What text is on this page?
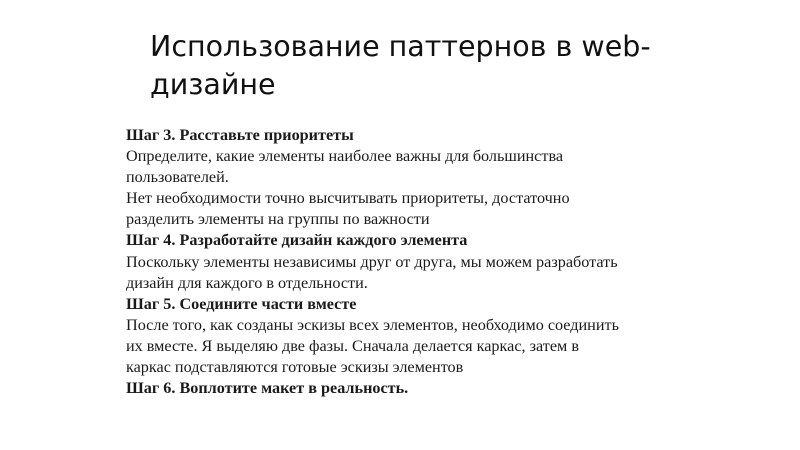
Использование паттернов в web-
дизайне
Шаг 3. Расставьте приоритеты
Определите, какие элементы наиболее важны для большинства
пользователей.
Нет необходимости точно высчитывать приоритеты, достаточно
разделить элементы на группы по важности
Шаг 4. Разработайте дизайн каждого элемента
Поскольку элементы независимы друг от друга, мы можем разработать
дизайн для каждого в отдельности.
Шаг 5. Соедините части вместе
После того, как созданы эскизы всех элементов, необходимо соединить
их вместе. Я выделяю две фазы. Сначала делается каркас, затем в
каркас подставляются готовые эскизы элементов
Шаг 6. Воплотите макет в реальность.
